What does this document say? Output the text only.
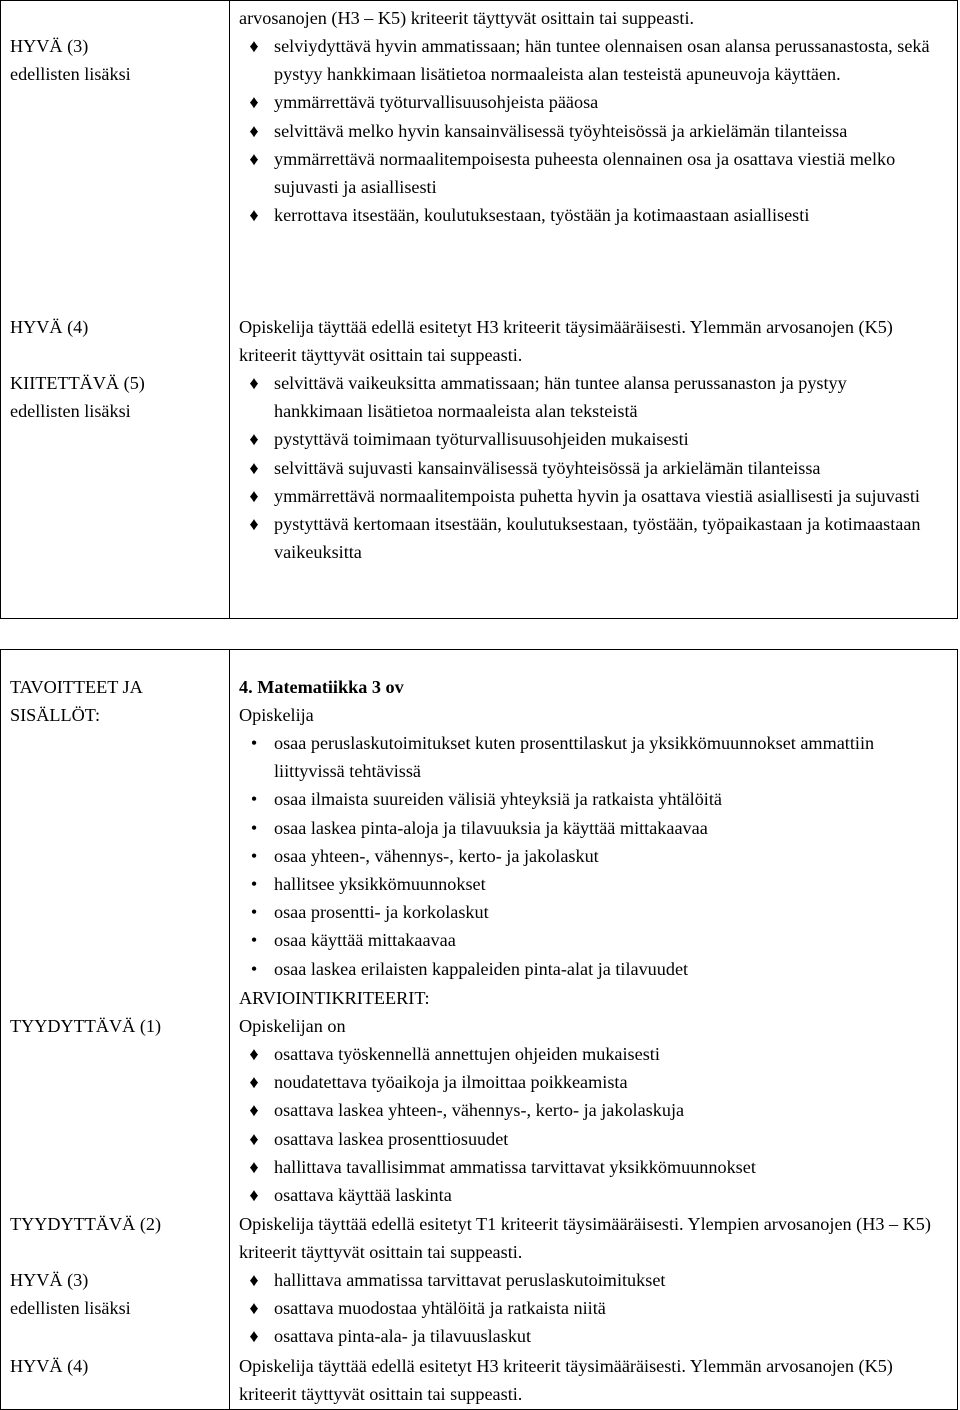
HYVÄ (3)
edellisten lisäksi
HYVÄ (4)
KIITETTÄVÄ (5)
edellisten lisäksi
arvosanojen (H3 – K5) kriteerit täyttyvät osittain tai suppeasti.
♦ selviydyttävä hyvin ammatissaan; hän tuntee olennaisen osan alansa perussanastosta, sekä pystyy hankkimaan lisätietoa normaaleista alan testeistä apuneuvoja käyttäen.
♦ ymmärrettävä työturvallisuusohjeista pääosa
♦ selvittävä melko hyvin kansainvälisessä työyhteisössä ja arkielämän tilanteissa
♦ ymmärrettävä normaalitempoisesta puheesta olennainen osa ja osattava viestiä melko sujuvasti ja asiallisesti
♦ kerrottava itsestään, koulutuksestaan, työstään ja kotimaastaan asiallisesti
Opiskelija täyttää edellä esitetyt H3 kriteerit täysimääräisesti. Ylemmän arvosanojen (K5) kriteerit täyttyvät osittain tai suppeasti.
♦ selvittävä vaikeuksitta ammatissaan; hän tuntee alansa perussanaston ja pystyy hankkimaan lisätietoa normaaleista alan teksteistä
♦ pystyttävä toimimaan työturvallisuusohjeiden mukaisesti
♦ selvittävä sujuvasti kansainvälisessä työyhteisössä ja arkielämän tilanteissa
♦ ymmärrettävä normaalitempoista puhetta hyvin ja osattava viestiä asiallisesti ja sujuvasti
♦ pystyttävä kertomaan itsestään, koulutuksestaan, työstään, työpaikastaan ja kotimaastaan vaikeuksitta
TAVOITTEET JA
SISÄLLÖT:
TYYDYTTÄVÄ (1)
TYYDYTTÄVÄ (2)
HYVÄ (3)
edellisten lisäksi
HYVÄ (4)
4. Matematiikka 3 ov
Opiskelija
• osaa peruslaskutoimitukset kuten prosenttilaskut ja yksikkömuunnokset ammattiin liittyvissä tehtävissä
• osaa ilmaista suureiden välisiä yhteyksiä ja ratkaista yhtälöitä
• osaa laskea pinta-aloja ja tilavuuksia ja käyttää mittakaavaa
• osaa yhteen-, vähennys-, kerto- ja jakolaskut
• hallitsee yksikkömuunnokset
• osaa prosentti- ja korkolaskut
• osaa käyttää mittakaavaa
• osaa laskea erilaisten kappaleiden pinta-alat ja tilavuudet
ARVIOINTIKRITEERIT:
Opiskelijan on
♦ osattava työskennellä annettujen ohjeiden mukaisesti
♦ noudatettava työaikoja ja ilmoittaa poikkeamista
♦ osattava laskea yhteen-, vähennys-, kerto- ja jakolaskuja
♦ osattava laskea prosenttiosuudet
♦ hallittava tavallisimmat ammatissa tarvittavat yksikkömuunnokset
♦ osattava käyttää laskinta
Opiskelija täyttää edellä esitetyt T1 kriteerit täysimääräisesti. Ylempien arvosanojen (H3 – K5) kriteerit täyttyvät osittain tai suppeasti.
♦ hallittava ammatissa tarvittavat peruslaskutoimitukset
♦ osattava muodostaa yhtälöitä ja ratkaista niitä
♦ osattava pinta-ala- ja tilavuuslaskut
Opiskelija täyttää edellä esitetyt H3 kriteerit täysimääräisesti. Ylemmän arvosanojen (K5) kriteerit täyttyvät osittain tai suppeasti.
